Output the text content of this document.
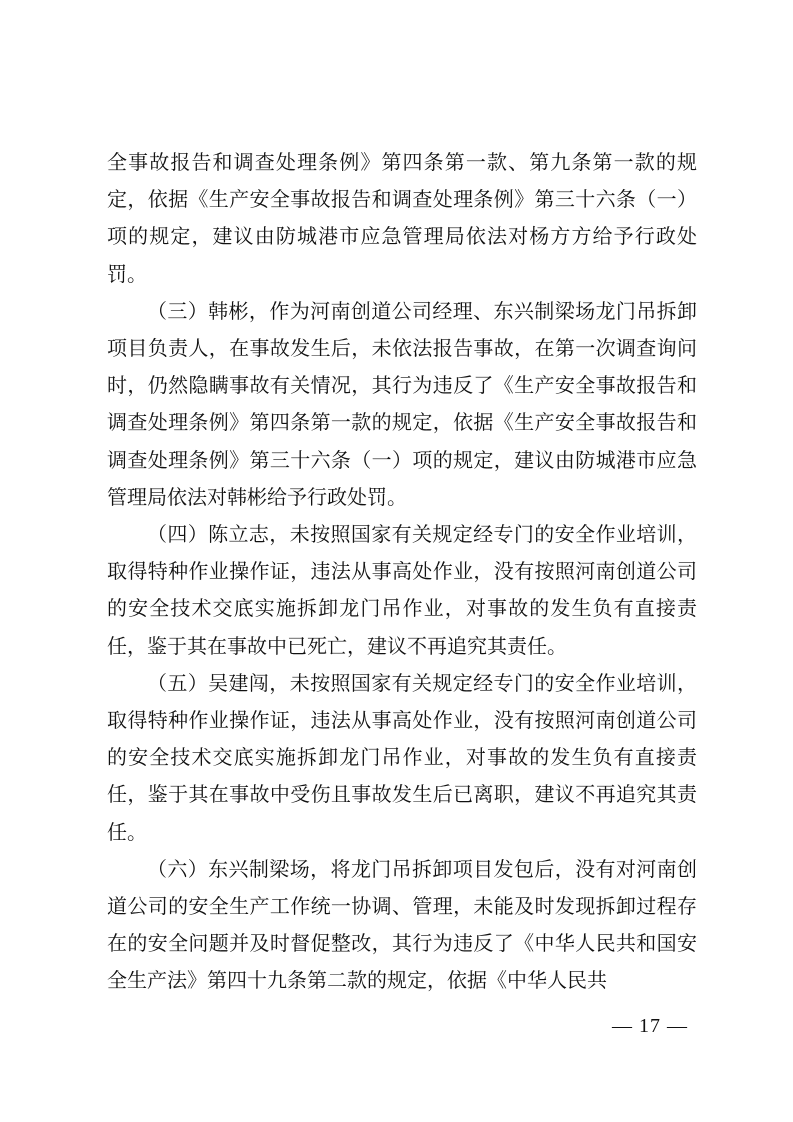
全事故报告和调查处理条例》第四条第一款、第九条第一款的规定，依据《生产安全事故报告和调查处理条例》第三十六条（一）项的规定，建议由防城港市应急管理局依法对杨方方给予行政处罚。

（三）韩彬，作为河南创道公司经理、东兴制梁场龙门吊拆卸项目负责人，在事故发生后，未依法报告事故，在第一次调查询问时，仍然隐瞒事故有关情况，其行为违反了《生产安全事故报告和调查处理条例》第四条第一款的规定，依据《生产安全事故报告和调查处理条例》第三十六条（一）项的规定，建议由防城港市应急管理局依法对韩彬给予行政处罚。

（四）陈立志，未按照国家有关规定经专门的安全作业培训，取得特种作业操作证，违法从事高处作业，没有按照河南创道公司的安全技术交底实施拆卸龙门吊作业，对事故的发生负有直接责任，鉴于其在事故中已死亡，建议不再追究其责任。

（五）吴建闯，未按照国家有关规定经专门的安全作业培训，取得特种作业操作证，违法从事高处作业，没有按照河南创道公司的安全技术交底实施拆卸龙门吊作业，对事故的发生负有直接责任，鉴于其在事故中受伤且事故发生后已离职，建议不再追究其责任。

（六）东兴制梁场，将龙门吊拆卸项目发包后，没有对河南创道公司的安全生产工作统一协调、管理，未能及时发现拆卸过程存在的安全问题并及时督促整改，其行为违反了《中华人民共和国安全生产法》第四十九条第二款的规定，依据《中华人民共

— 17 —
